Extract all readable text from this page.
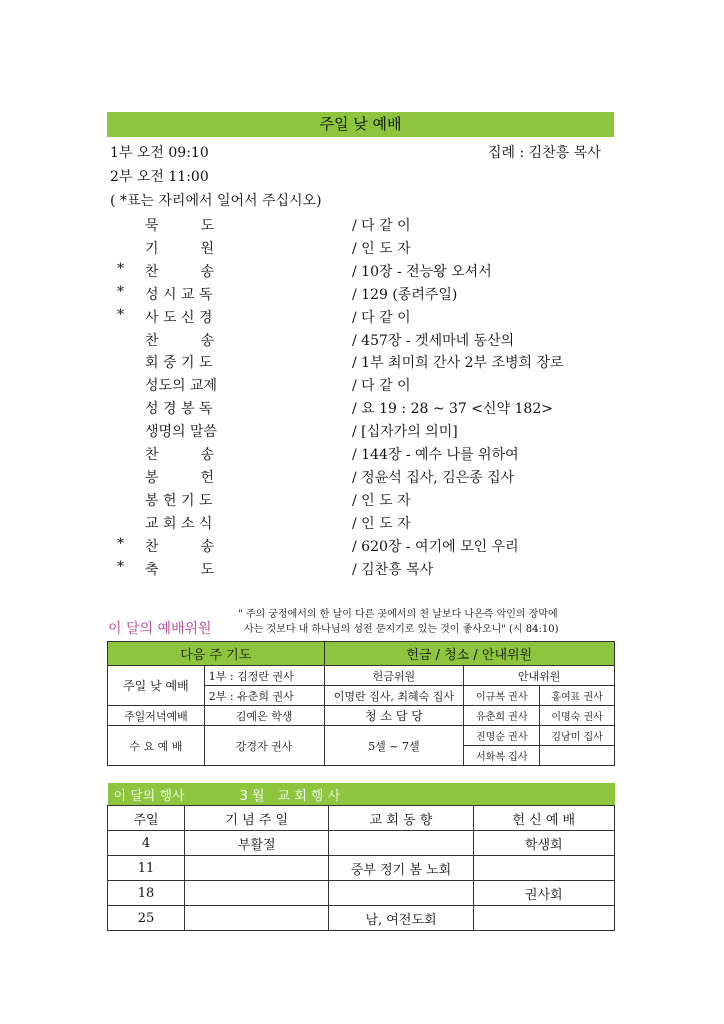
주일 낮 예배
1부 오전 09:10	집례 : 김찬흥 목사
2부 오전 11:00
( *표는 자리에서 일어서 주십시오)
묵　　　도	/ 다 같 이
기　　　원	/ 인 도 자
* 찬　　　송	/ 10장 - 전능왕 오셔서
* 성 시 교 독	/ 129 (종려주일)
* 사 도 신 경	/ 다 같 이
찬　　　송	/ 457장 - 겟세마네 동산의
회 중 기 도	/ 1부 최미희 간사 2부 조병희 장로
성도의 교제	/ 다 같 이
성 경 봉 독	/ 요 19 : 28 ~ 37 <신약 182>
생명의 말씀	/ [십자가의 의미]
찬　　　송	/ 144장 - 예수 나를 위하여
봉　　　헌	/ 정윤석 집사, 김은종 집사
봉 헌 기 도	/ 인 도 자
교 회 소 식	/ 인 도 자
* 찬　　　송	/ 620장 - 여기에 모인 우리
* 축　　　도	/ 김찬흥 목사
이 달의 예배위원
" 주의 궁정에서의 한 날이 다른 곳에서의 천 날보다 나은즉 악인의 장막에
사는 것보다 내 하나님의 성전 문지기로 있는 것이 좋사오니" (시 84:10)
다음 주 기도		헌금 / 청소 / 안내위원		
주일 낮 예배	1부 : 김정란 권사	헌금위원	안내위원	
	2부 : 유춘희 권사	이명란 집사, 최혜숙 집사	이규복 권사	홍여표 권사
주일저녁예배	김예은 학생	청 소 담 당	유춘희 권사	이명숙 권사

수 요 예 배	강경자 권사	5셀 ~ 7셀	진명순 권사	김남미 집사
			서화복 집사	
이 달의 행사	3 월　교 회 행 사		
주일	기 념 주 일	교 회 동 향	헌 신 예 배
4	부활절		학생회
11		중부 정기 봄 노회	
18			권사회
25		남, 여전도회	
